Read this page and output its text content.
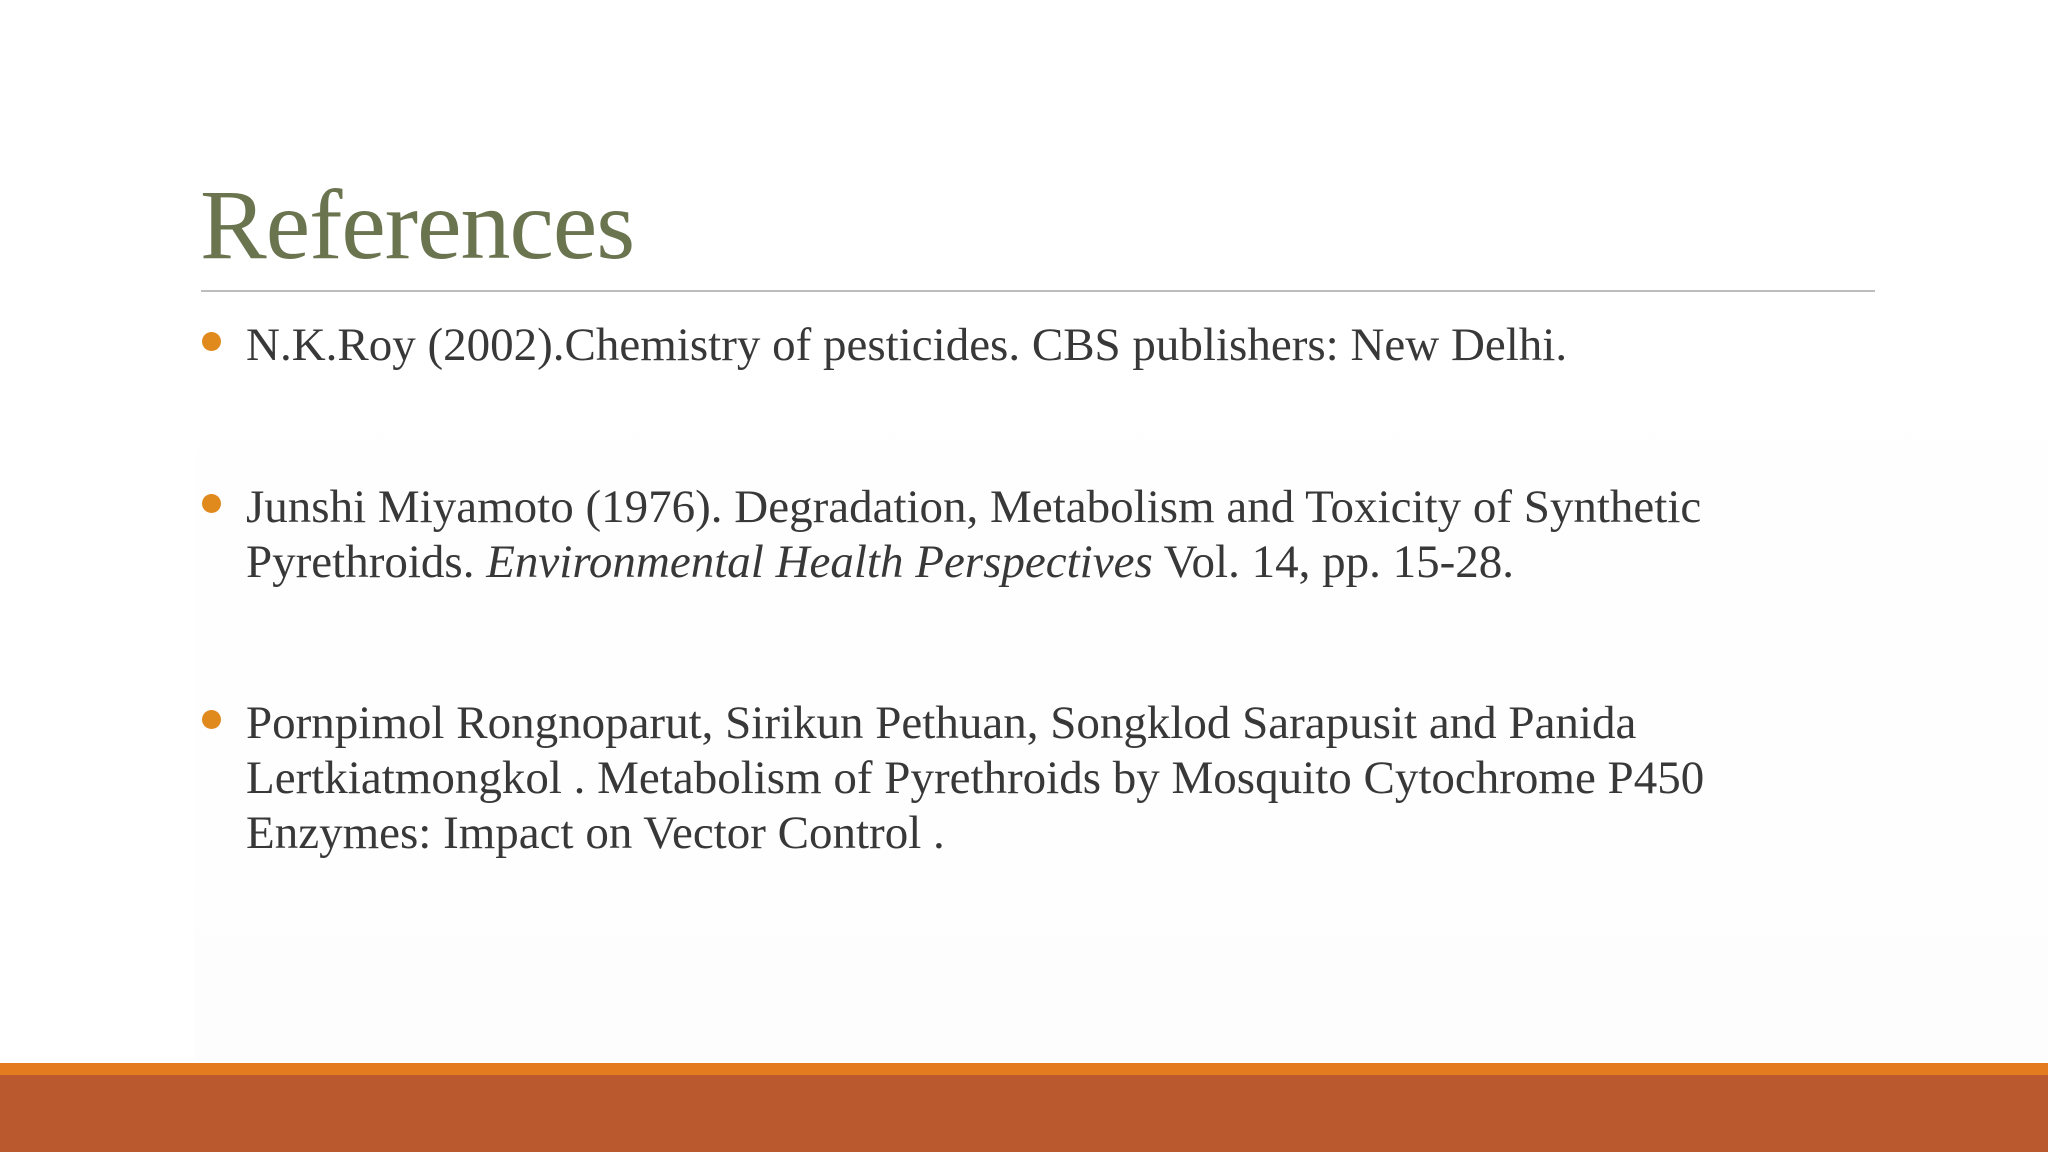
References
N.K.Roy (2002).Chemistry of pesticides. CBS publishers: New Delhi.
Junshi Miyamoto (1976). Degradation, Metabolism and Toxicity of Synthetic Pyrethroids. Environmental Health Perspectives Vol. 14, pp. 15-28.
Pornpimol Rongnoparut, Sirikun Pethuan, Songklod Sarapusit and Panida Lertkiatmongkol . Metabolism of Pyrethroids by Mosquito Cytochrome P450 Enzymes: Impact on Vector Control .
